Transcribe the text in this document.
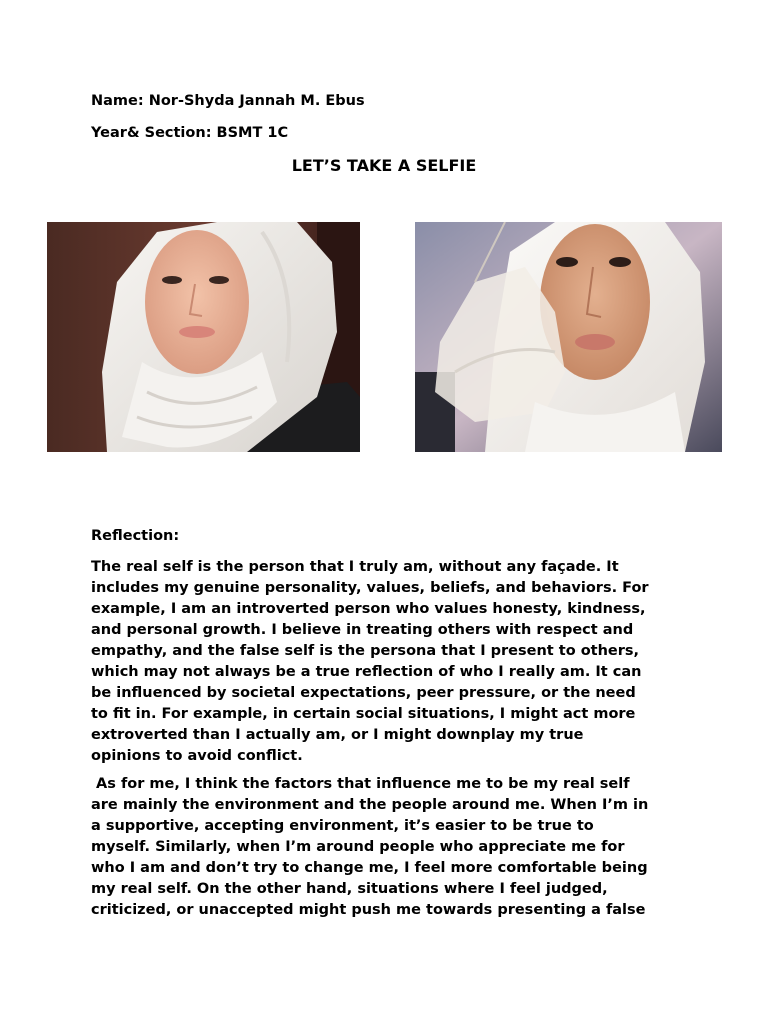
Name: Nor-Shyda Jannah M. Ebus
Year& Section: BSMT 1C
LET’S TAKE A SELFIE
Reflection:

The real self is the person that I truly am, without any façade. It
includes my genuine personality, values, beliefs, and behaviors. For
example, I am an introverted person who values honesty, kindness,
and personal growth. I believe in treating others with respect and
empathy, and the false self is the persona that I present to others,
which may not always be a true reflection of who I really am. It can
be influenced by societal expectations, peer pressure, or the need
to fit in. For example, in certain social situations, I might act more
extroverted than I actually am, or I might downplay my true
opinions to avoid conflict.

As for me, I think the factors that influence me to be my real self
are mainly the environment and the people around me. When I’m in
a supportive, accepting environment, it’s easier to be true to
myself. Similarly, when I’m around people who appreciate me for
who I am and don’t try to change me, I feel more comfortable being
my real self. On the other hand, situations where I feel judged,
criticized, or unaccepted might push me towards presenting a false
